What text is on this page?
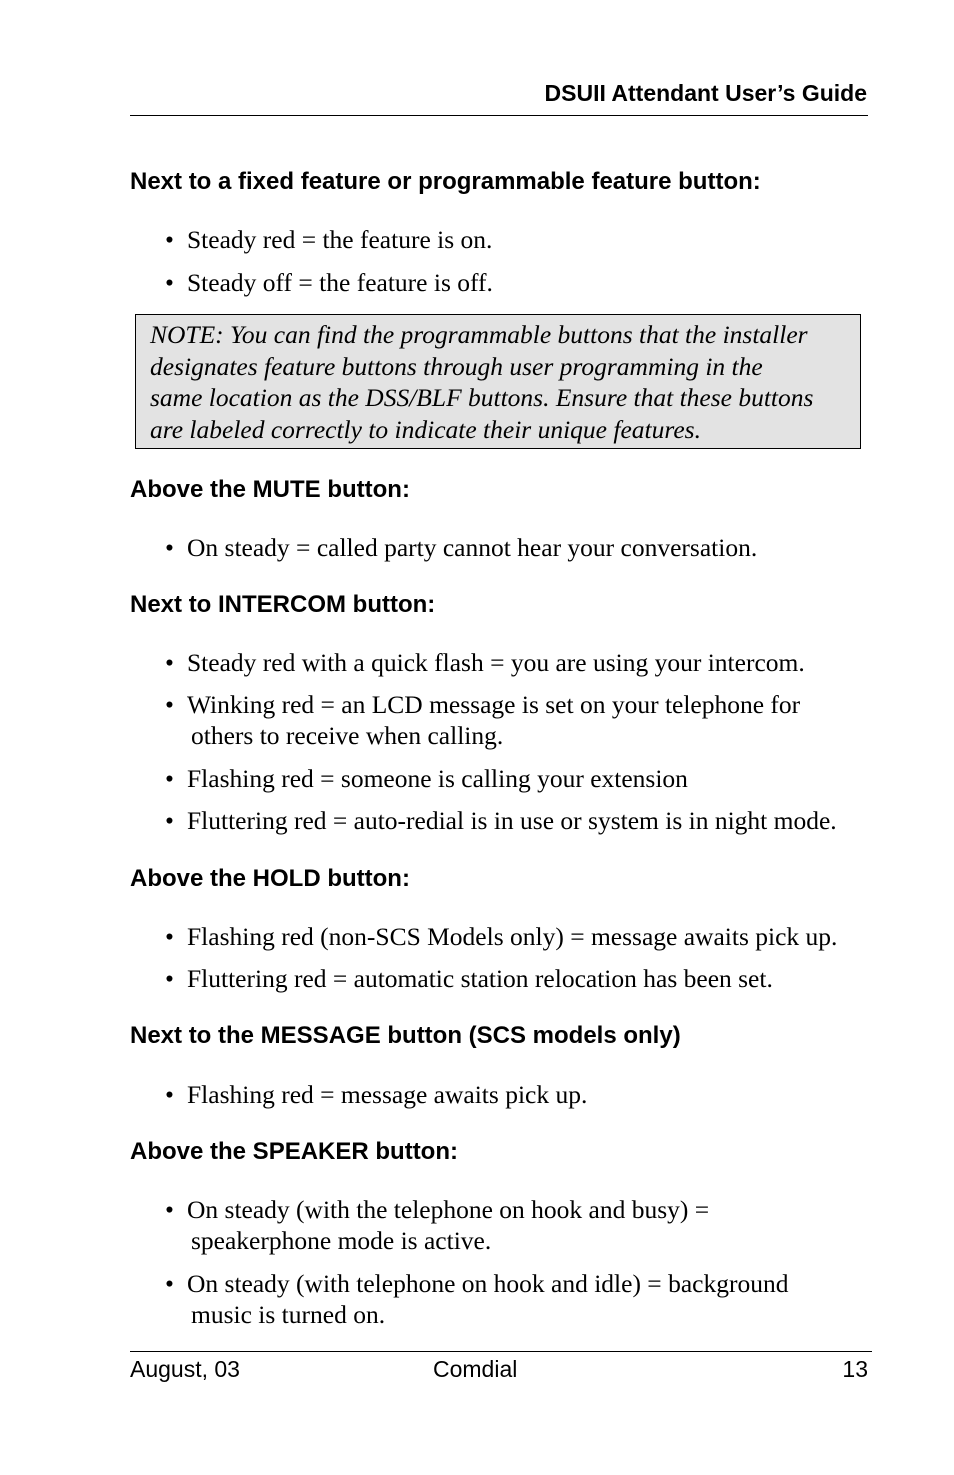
DSUII Attendant User’s Guide
Next to a fixed feature or programmable feature button:
• Steady red = the feature is on.
• Steady off = the feature is off.
NOTE: You can find the programmable buttons that the installer
designates feature buttons through user programming in the
same location as the DSS/BLF buttons. Ensure that these buttons
are labeled correctly to indicate their unique features.
Above the MUTE button:
• On steady = called party cannot hear your conversation.
Next to INTERCOM button:
• Steady red with a quick flash = you are using your intercom.
• Winking red = an LCD message is set on your telephone for
others to receive when calling.
• Flashing red = someone is calling your extension
• Fluttering red = auto-redial is in use or system is in night mode.
Above the HOLD button:
• Flashing red (non-SCS Models only) = message awaits pick up.
• Fluttering red = automatic station relocation has been set.
Next to the MESSAGE button (SCS models only)
• Flashing red = message awaits pick up.
Above the SPEAKER button:
• On steady (with the telephone on hook and busy) =
speakerphone mode is active.
• On steady (with telephone on hook and idle) = background
music is turned on.
August, 03	Comdial	13
